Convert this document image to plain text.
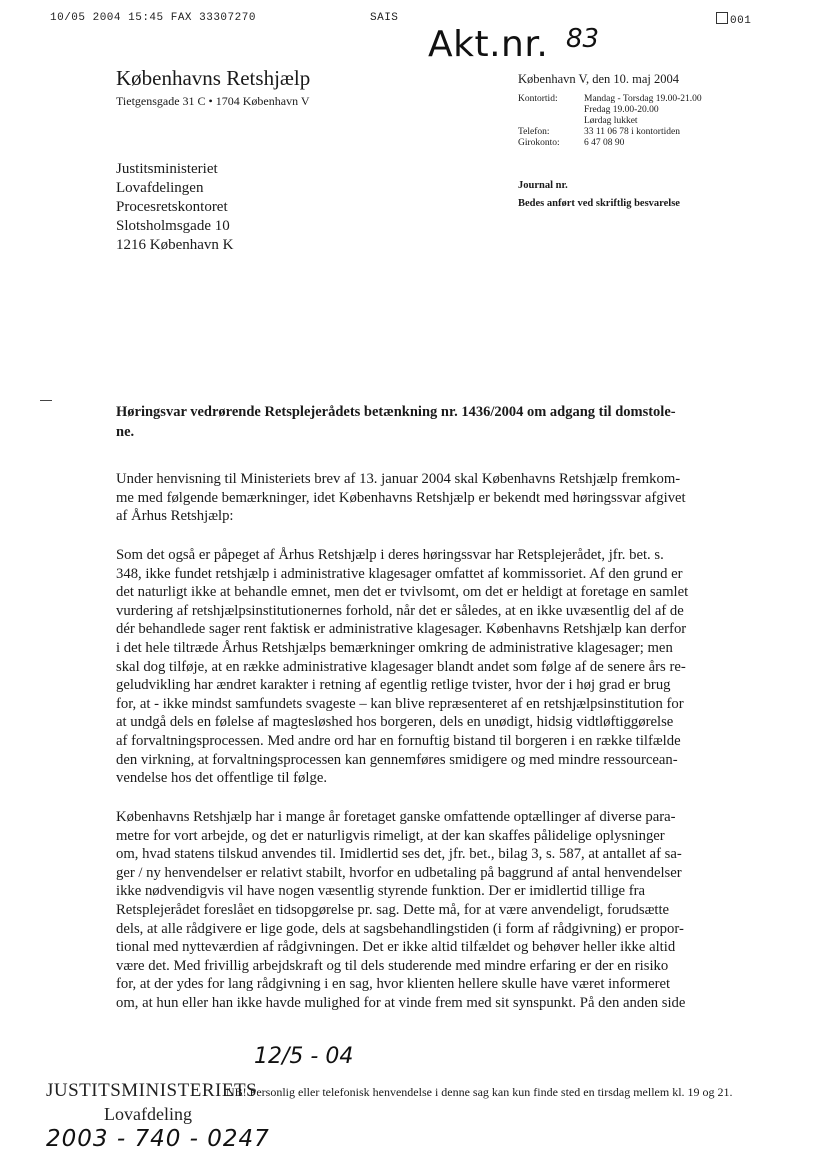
10/05 2004 15:45 FAX 33307270	SAIS	001
Akt.nr. 83
Københavns Retshjælp
Tietgensgade 31 C • 1704 København V
København V, den 10. maj 2004
Kontortid:	Mandag - Torsdag 19.00-21.00
Fredag 19.00-20.00
Lørdag lukket
Telefon:	33 11 06 78 i kontortiden
Girokonto:	6 47 08 90
Journal nr.
Bedes anført ved skriftlig besvarelse
Justitsministeriet
Lovafdelingen
Procesretskontoret
Slotsholmsgade 10
1216 København K
Høringsvar vedrørende Retsplejerådets betænkning nr. 1436/2004 om adgang til domstole-
ne.
Under henvisning til Ministeriets brev af 13. januar 2004 skal Københavns Retshjælp fremkom-
me med følgende bemærkninger, idet Københavns Retshjælp er bekendt med høringssvar afgivet
af Århus Retshjælp:
Som det også er påpeget af Århus Retshjælp i deres høringssvar har Retsplejerådet, jfr. bet. s.
348, ikke fundet retshjælp i administrative klagesager omfattet af kommissoriet. Af den grund er
det naturligt ikke at behandle emnet, men det er tvivlsomt, om det er heldigt at foretage en samlet
vurdering af retshjælpsinstitutionernes forhold, når det er således, at en ikke uvæsentlig del af de
dér behandlede sager rent faktisk er administrative klagesager. Københavns Retshjælp kan derfor
i det hele tiltræde Århus Retshjælps bemærkninger omkring de administrative klagesager; men
skal dog tilføje, at en række administrative klagesager blandt andet som følge af de senere års re-
geludvikling har ændret karakter i retning af egentlig retlige tvister, hvor der i høj grad er brug
for, at - ikke mindst samfundets svageste – kan blive repræsenteret af en retshjælpsinstitution for
at undgå dels en følelse af magtesløshed hos borgeren, dels en unødigt, hidsig vidtløftiggørelse
af forvaltningsprocessen. Med andre ord har en fornuftig bistand til borgeren i en række tilfælde
den virkning, at forvaltningsprocessen kan gennemføres smidigere og med mindre ressourcean-
vendelse hos det offentlige til følge.
Københavns Retshjælp har i mange år foretaget ganske omfattende optællinger af diverse para-
metre for vort arbejde, og det er naturligvis rimeligt, at der kan skaffes pålidelige oplysninger
om, hvad statens tilskud anvendes til. Imidlertid ses det, jfr. bet., bilag 3, s. 587, at antallet af sa-
ger / ny henvendelser er relativt stabilt, hvorfor en udbetaling på baggrund af antal henvendelser
ikke nødvendigvis vil have nogen væsentlig styrende funktion. Der er imidlertid tillige fra
Retsplejerådet foreslået en tidsopgørelse pr. sag. Dette må, for at være anvendeligt, forudsætte
dels, at alle rådgivere er lige gode, dels at sagsbehandlingstiden (i form af rådgivning) er propor-
tional med nytteværdien af rådgivningen. Det er ikke altid tilfældet og behøver heller ikke altid
være det. Med frivillig arbejdskraft og til dels studerende med mindre erfaring er der en risiko
for, at der ydes for lang rådgivning i en sag, hvor klienten hellere skulle have været informeret
om, at hun eller han ikke havde mulighed for at vinde frem med sit synspunkt. På den anden side
12/5 - 04
JUSTITSMINISTERIETS
Lovafdeling
2003 - 740 - 0247
NB! Personlig eller telefonisk henvendelse i denne sag kan kun finde sted en tirsdag mellem kl. 19 og 21.
